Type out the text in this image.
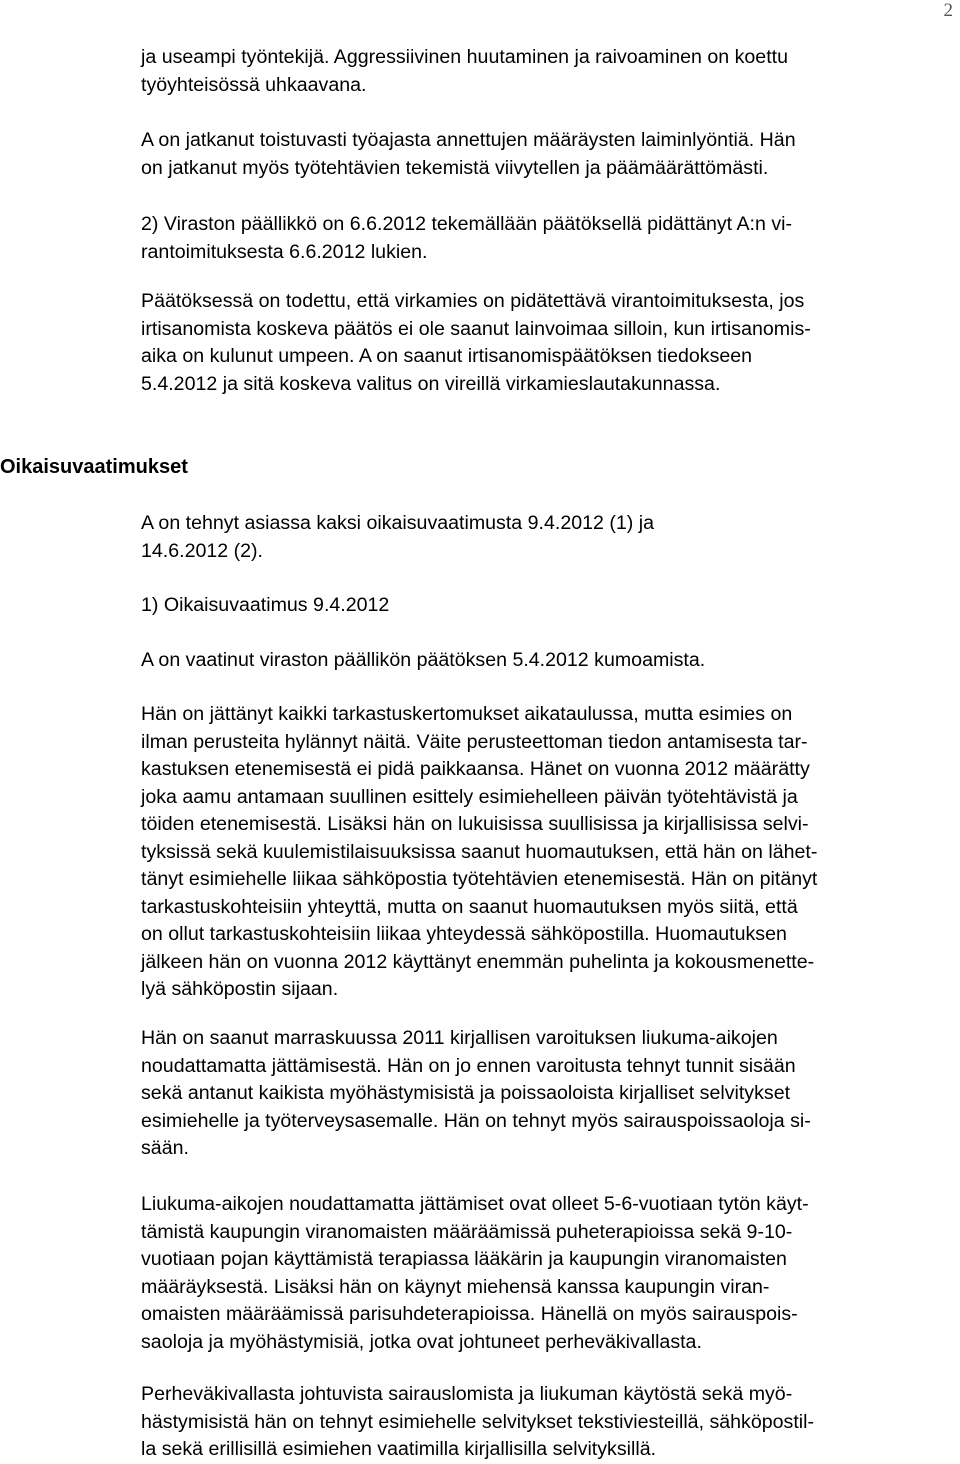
2
ja useampi työntekijä. Aggressiivinen huutaminen ja raivoaminen on koettu
työyhteisössä uhkaavana.
A on jatkanut toistuvasti työajasta annettujen määräysten laiminlyöntiä. Hän
on jatkanut myös työtehtävien tekemistä viivytellen ja päämäärättömästi.
2) Viraston päällikkö on 6.6.2012 tekemällään päätöksellä pidättänyt A:n vi-
rantoimituksesta 6.6.2012 lukien.
Päätöksessä on todettu, että virkamies on pidätettävä virantoimituksesta, jos
irtisanomista koskeva päätös ei ole saanut lainvoimaa silloin, kun irtisanomis-
aika on kulunut umpeen. A on saanut irtisanomispäätöksen tiedokseen
5.4.2012 ja sitä koskeva valitus on vireillä virkamieslautakunnassa.
Oikaisuvaatimukset
A on tehnyt asiassa kaksi oikaisuvaatimusta 9.4.2012 (1) ja
14.6.2012 (2).
1) Oikaisuvaatimus 9.4.2012
A on vaatinut viraston päällikön päätöksen 5.4.2012 kumoamista.
Hän on jättänyt kaikki tarkastuskertomukset aikataulussa, mutta esimies on
ilman perusteita hylännyt näitä. Väite perusteettoman tiedon antamisesta tar-
kastuksen etenemisestä ei pidä paikkaansa. Hänet on vuonna 2012 määrätty
joka aamu antamaan suullinen esittely esimiehelleen päivän työtehtävistä ja
töiden etenemisestä. Lisäksi hän on lukuisissa suullisissa ja kirjallisissa selvi-
tyksissä sekä kuulemistilaisuuksissa saanut huomautuksen, että hän on lähet-
tänyt esimiehelle liikaa sähköpostia työtehtävien etenemisestä. Hän on pitänyt
tarkastuskohteisiin yhteyttä, mutta on saanut huomautuksen myös siitä, että
on ollut tarkastuskohteisiin liikaa yhteydessä sähköpostilla. Huomautuksen
jälkeen hän on vuonna 2012 käyttänyt enemmän puhelinta ja kokousmenette-
lyä sähköpostin sijaan.
Hän on saanut marraskuussa 2011 kirjallisen varoituksen liukuma-aikojen
noudattamatta jättämisestä. Hän on jo ennen varoitusta tehnyt tunnit sisään
sekä antanut kaikista myöhästymisistä ja poissaoloista kirjalliset selvitykset
esimiehelle ja työterveysasemalle. Hän on tehnyt myös sairauspoissaoloja si-
sään.
Liukuma-aikojen noudattamatta jättämiset ovat olleet 5-6-vuotiaan tytön käyt-
tämistä kaupungin viranomaisten määräämissä puheterapioissa sekä 9-10-
vuotiaan pojan käyttämistä terapiassa lääkärin ja kaupungin viranomaisten
määräyksestä. Lisäksi hän on käynyt miehensä kanssa kaupungin viran-
omaisten määräämissä parisuhdeterapioissa. Hänellä on myös sairauspois-
saoloja ja myöhästymisiä, jotka ovat johtuneet perheväkivallasta.
Perheväkivallasta johtuvista sairauslomista ja liukuman käytöstä sekä myö-
hästymisistä hän on tehnyt esimiehelle selvitykset tekstiviesteillä, sähköpostil-
la sekä erillisillä esimiehen vaatimilla kirjallisilla selvityksillä.
